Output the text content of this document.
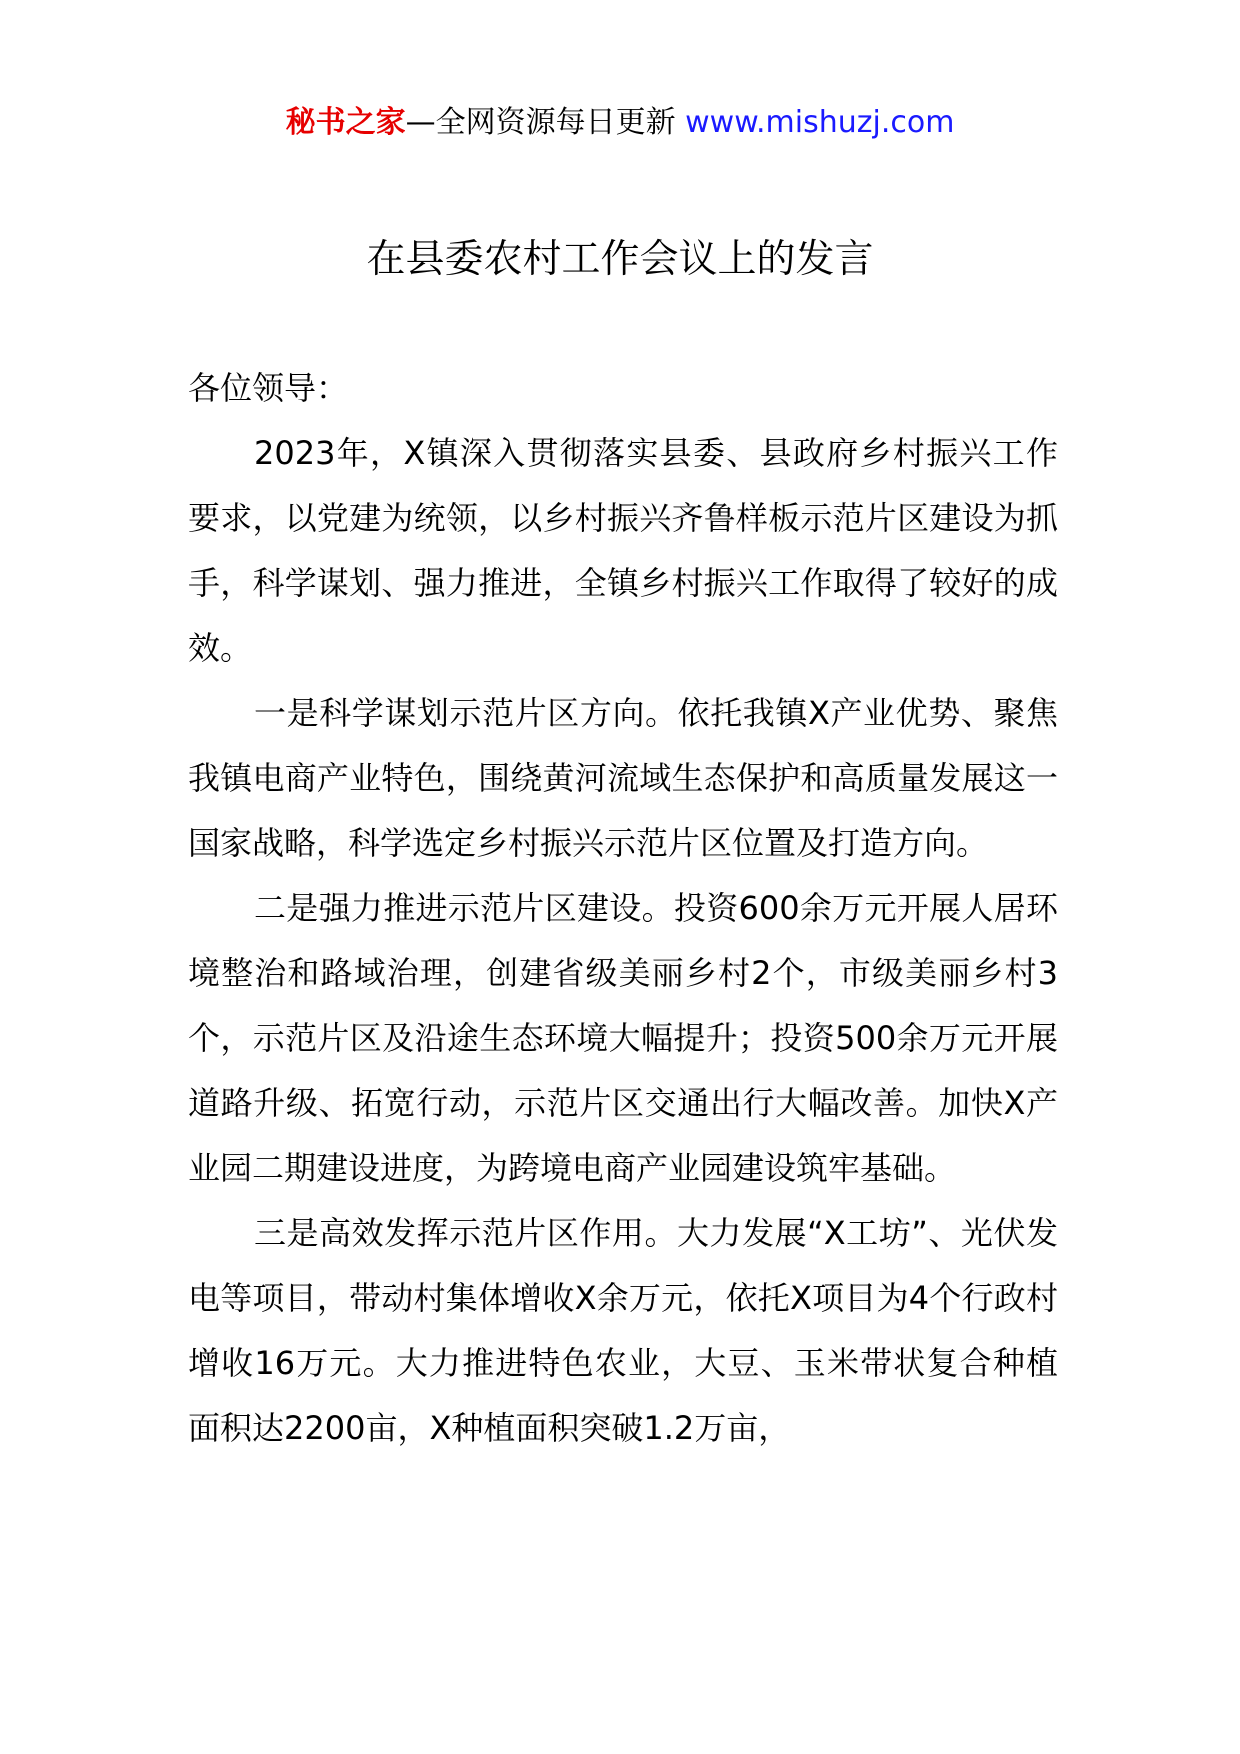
秘书之家—全网资源每日更新 www.mishuzj.com
在县委农村工作会议上的发言

各位领导：

2023年，X镇深入贯彻落实县委、县政府乡村振兴工作要求，以党建为统领，以乡村振兴齐鲁样板示范片区建设为抓手，科学谋划、强力推进，全镇乡村振兴工作取得了较好的成效。

一是科学谋划示范片区方向。依托我镇X产业优势、聚焦我镇电商产业特色，围绕黄河流域生态保护和高质量发展这一国家战略，科学选定乡村振兴示范片区位置及打造方向。

二是强力推进示范片区建设。投资600余万元开展人居环境整治和路域治理，创建省级美丽乡村2个，市级美丽乡村3个，示范片区及沿途生态环境大幅提升；投资500余万元开展道路升级、拓宽行动，示范片区交通出行大幅改善。加快X产业园二期建设进度，为跨境电商产业园建设筑牢基础。

三是高效发挥示范片区作用。大力发展“X工坊”、光伏发电等项目，带动村集体增收X余万元，依托X项目为4个行政村增收16万元。大力推进特色农业，大豆、玉米带状复合种植面积达2200亩，X种植面积突破1.2万亩，
